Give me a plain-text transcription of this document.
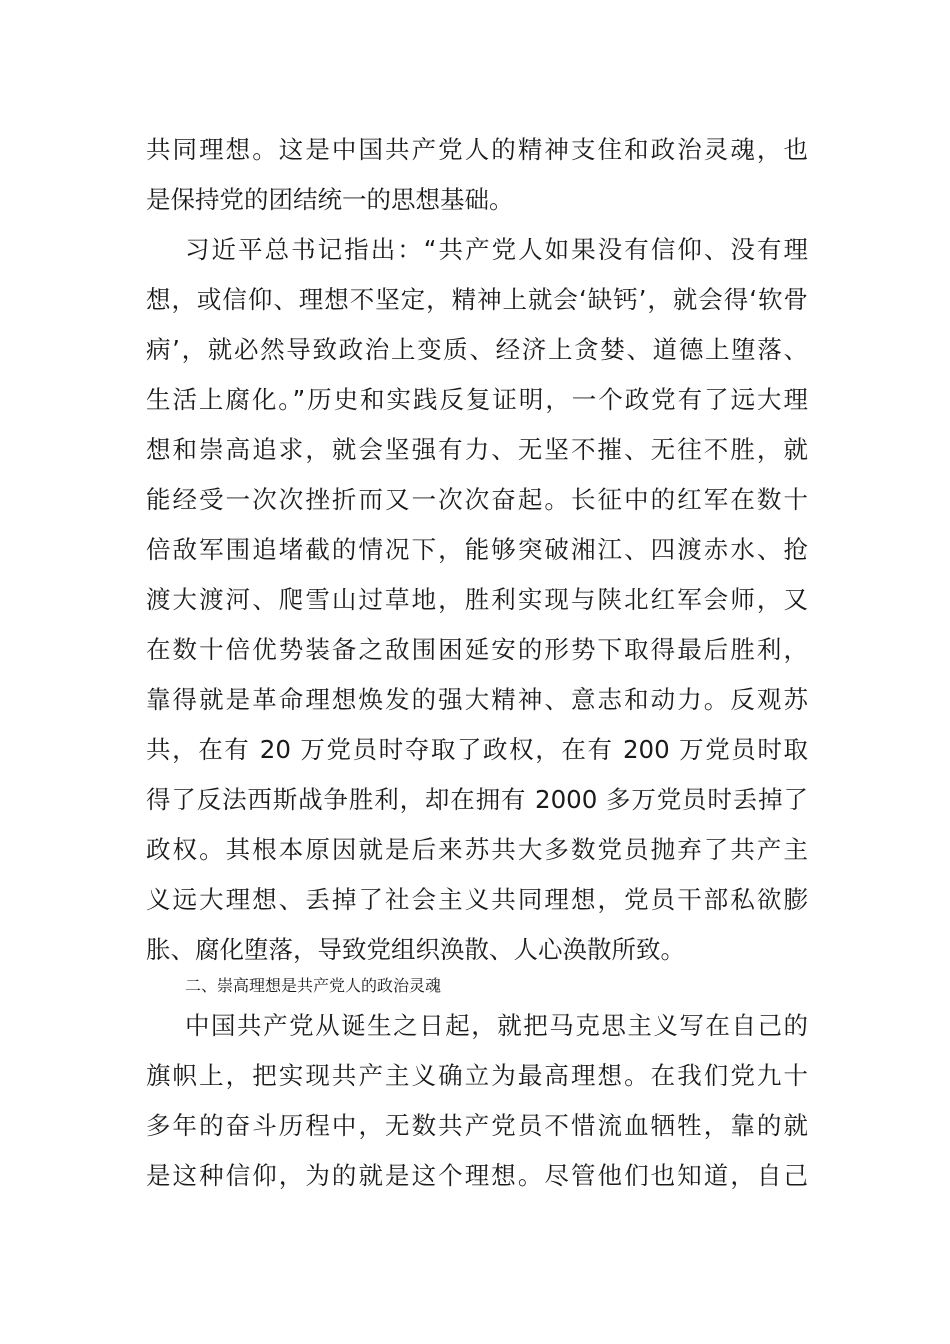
共同理想。这是中国共产党人的精神支住和政治灵魂，也
是保持党的团结统一的思想基础。
习近平总书记指出：“共产党人如果没有信仰、没有理
想，或信仰、理想不坚定，精神上就会‘缺钙’，就会得‘软骨
病’，就必然导致政治上变质、经济上贪婪、道德上堕落、
生活上腐化。”历史和实践反复证明，一个政党有了远大理
想和崇高追求，就会坚强有力、无坚不摧、无往不胜，就
能经受一次次挫折而又一次次奋起。长征中的红军在数十
倍敌军围追堵截的情况下，能够突破湘江、四渡赤水、抢
渡大渡河、爬雪山过草地，胜利实现与陕北红军会师，又
在数十倍优势装备之敌围困延安的形势下取得最后胜利，
靠得就是革命理想焕发的强大精神、意志和动力。反观苏
共，在有 20 万党员时夺取了政权，在有 200 万党员时取
得了反法西斯战争胜利，却在拥有 2000 多万党员时丢掉了
政权。其根本原因就是后来苏共大多数党员抛弃了共产主
义远大理想、丢掉了社会主义共同理想，党员干部私欲膨
胀、腐化堕落，导致党组织涣散、人心涣散所致。
二、崇高理想是共产党人的政治灵魂
中国共产党从诞生之日起，就把马克思主义写在自己的
旗帜上，把实现共产主义确立为最高理想。在我们党九十
多年的奋斗历程中，无数共产党员不惜流血牺牲，靠的就
是这种信仰，为的就是这个理想。尽管他们也知道，自己
